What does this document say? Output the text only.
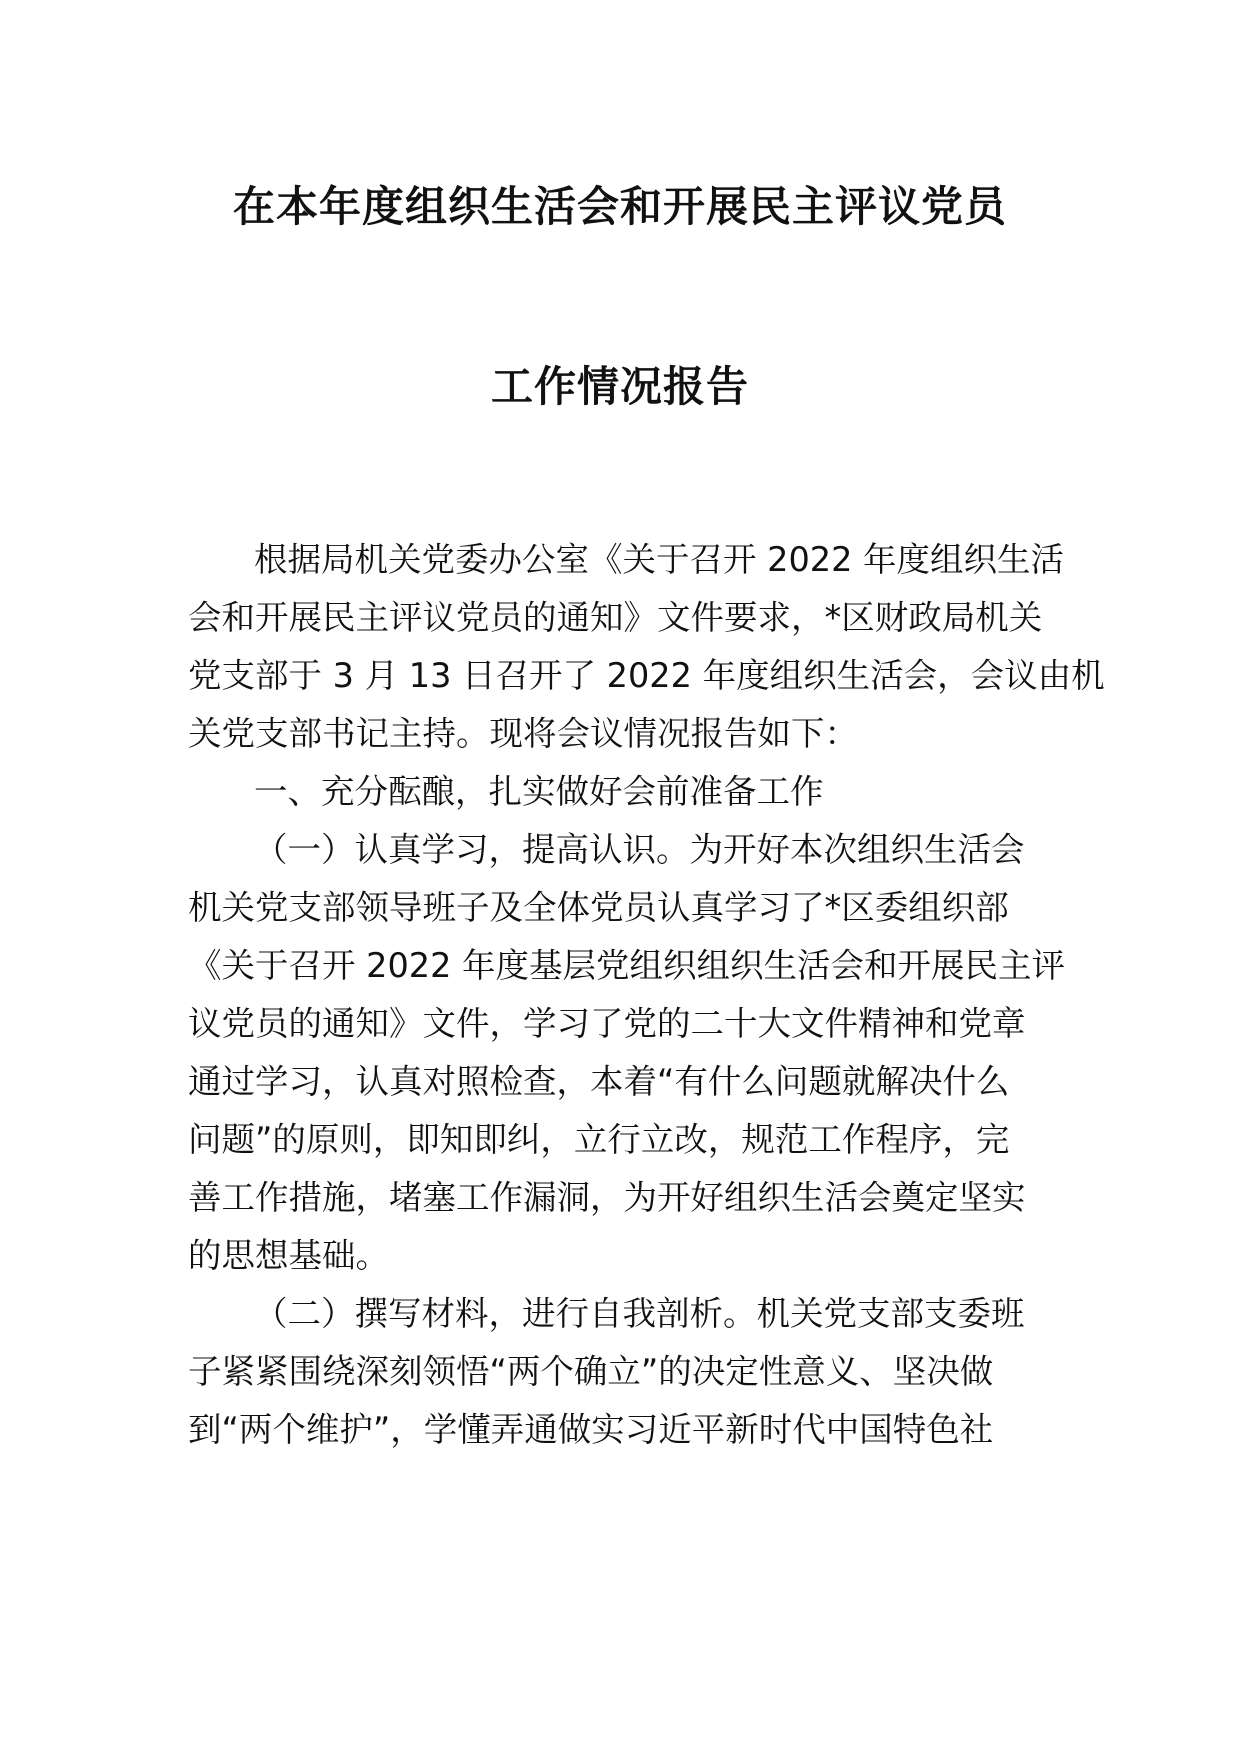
在本年度组织生活会和开展民主评议党员
工作情况报告

根据局机关党委办公室《关于召开 2022 年度组织生活

会和开展民主评议党员的通知》文件要求，*区财政局机关

党支部于 3 月 13 日召开了 2022 年度组织生活会，会议由机

关党支部书记主持。现将会议情况报告如下：

一、充分酝酿，扎实做好会前准备工作

（一）认真学习，提高认识。为开好本次组织生活会

机关党支部领导班子及全体党员认真学习了*区委组织部

《关于召开 2022 年度基层党组织组织生活会和开展民主评

议党员的通知》文件，学习了党的二十大文件精神和党章

通过学习，认真对照检查，本着“有什么问题就解决什么

问题”的原则，即知即纠，立行立改，规范工作程序，完

善工作措施，堵塞工作漏洞，为开好组织生活会奠定坚实

的思想基础。

（二）撰写材料，进行自我剖析。机关党支部支委班

子紧紧围绕深刻领悟“两个确立”的决定性意义、坚决做

到“两个维护”，学懂弄通做实习近平新时代中国特色社
